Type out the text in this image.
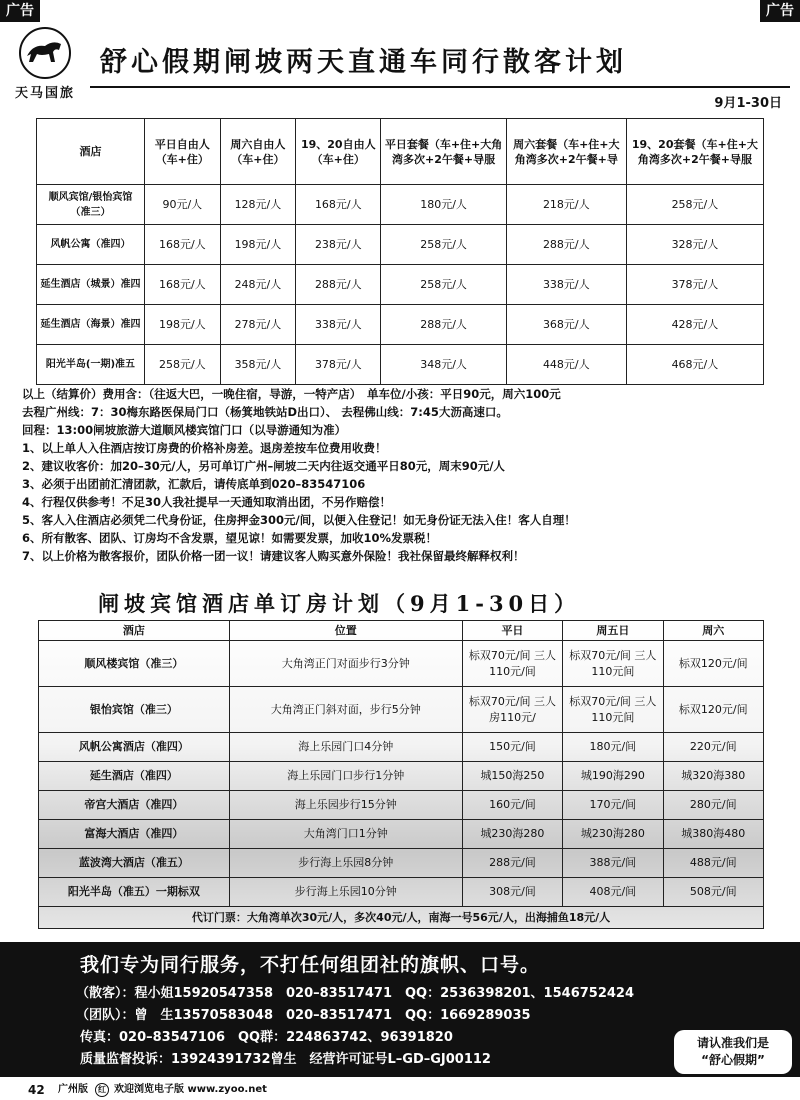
广告	广告
天马国旅
舒心假期闸坡两天直通车同行散客计划
9月1-30日
酒店	平日自由人（车+住）	周六自由人（车+住）	19、20自由人（车+住）	平日套餐（车+住+大角湾多次+2午餐+导服	周六套餐（车+住+大角湾多次+2午餐+导	19、20套餐（车+住+大角湾多次+2午餐+导服
顺风宾馆/银怡宾馆（准三）	90元/人	128元/人	168元/人	180元/人	218元/人	258元/人
风帆公寓（准四）	168元/人	198元/人	238元/人	258元/人	288元/人	328元/人
延生酒店（城景）准四	168元/人	248元/人	288元/人	258元/人	338元/人	378元/人
延生酒店（海景）准四	198元/人	278元/人	338元/人	288元/人	368元/人	428元/人
阳光半岛(一期)准五	258元/人	358元/人	378元/人	348元/人	448元/人	468元/人
以上（结算价）费用含：（往返大巴，一晚住宿，导游，一特产店）　单车位/小孩：平日90元，周六100元
去程广州线：7：30梅东路医保局门口（杨箕地铁站D出口）、 去程佛山线：7:45大沥高速口。
回程：13:00闸坡旅游大道顺风楼宾馆门口（以导游通知为准）
1、以上单人入住酒店按订房费的价格补房差。退房差按车位费用收费！
2、建议收客价：加20–30元/人，另可单订广州–闸坡二天内往返交通平日80元，周末90元/人
3、必须于出团前汇清团款，汇款后，请传底单到020–83547106
4、行程仅供参考！不足30人我社提早一天通知取消出团，不另作赔偿！
5、客人入住酒店必须凭二代身份证，住房押金300元/间，以便入住登记！如无身份证无法入住！客人自理！
6、所有散客、团队、订房均不含发票，望见谅！如需要发票，加收10%发票税！
7、以上价格为散客报价，团队价格一团一议！请建议客人购买意外保险！我社保留最终解释权利！
闸坡宾馆酒店单订房计划（9月1-30日）
酒店	位置	平日	周五日	周六
顺风楼宾馆（准三）	大角湾正门对面步行3分钟	标双70元/间 三人110元/间	标双70元/间 三人110元间	标双120元/间
银怡宾馆（准三）	大角湾正门斜对面，步行5分钟	标双70元/间 三人房110元/	标双70元/间 三人110元间	标双120元/间
风帆公寓酒店（准四）	海上乐园门口4分钟	150元/间	180元/间	220元/间
延生酒店（准四）	海上乐园门口步行1分钟	城150海250	城190海290	城320海380
帝宫大酒店（准四）	海上乐园步行15分钟	160元/间	170元/间	280元/间
富海大酒店（准四）	大角湾门口1分钟	城230海280	城230海280	城380海480
蓝波湾大酒店（准五）	步行海上乐园8分钟	288元/间	388元/间	488元/间
阳光半岛（准五）一期标双	步行海上乐园10分钟	308元/间	408元/间	508元/间
代订门票：大角湾单次30元/人，多次40元/人，南海一号56元/人，出海捕鱼18元/人				
我们专为同行服务，不打任何组团社的旗帜、口号。
（散客）：程小姐15920547358　020–83517471　QQ：2536398201、1546752424
（团队）：曾　生13570583048　020–83517471　QQ：1669289035
传真：020–83547106　QQ群：224863742、96391820
质量监督投诉：13924391732曾生　经营许可证号L–GD–GJ00112
请认准我们是
“舒心假期”
42 广州版	红 欢迎浏览电子版 www.zyoo.net
